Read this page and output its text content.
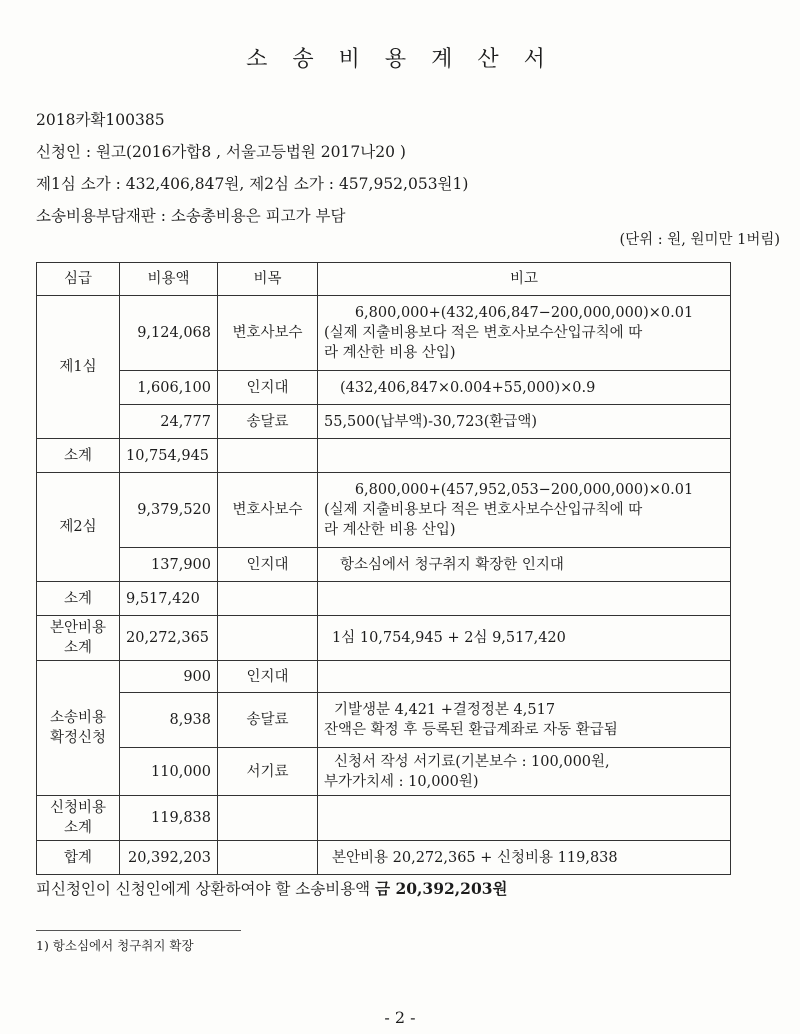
소 송 비 용 계 산 서
2018카확100385
신청인 : 원고(2016가합8 , 서울고등법원 2017나20 )
제1심 소가 : 432,406,847원, 제2심 소가 : 457,952,053원1)
소송비용부담재판 : 소송총비용은 피고가 부담
(단위 : 원, 원미만 1버림)
심급	비용액	비목	비고
제1심	9,124,068	변호사보수	6,800,000+(432,406,847−200,000,000)×0.01
(실제 지출비용보다 적은 변호사보수산입규칙에 따
라 계산한 비용 산입)

	1,606,100	인지대	(432,406,847×0.004+55,000)×0.9
	24,777	송달료	55,500(납부액)-30,723(환급액)
소계	10,754,945		
제2심	9,379,520	변호사보수	6,800,000+(457,952,053−200,000,000)×0.01
(실제 지출비용보다 적은 변호사보수산입규칙에 따
라 계산한 비용 산입)

	137,900	인지대	항소심에서 청구취지 확장한 인지대
소계	9,517,420		

본안비용
소계	20,272,365		1심 10,754,945 + 2심 9,517,420

소송비용
확정신청	900	인지대	
	8,938	송달료	기발생분 4,421 +결정정본 4,517
잔액은 확정 후 등록된 환급계좌로 자동 환급됨

	110,000	서기료	신청서 작성 서기료(기본보수 : 100,000원,
부가가치세 : 10,000원)

신청비용
소계	119,838		
합계	20,392,203		본안비용 20,272,365 + 신청비용 119,838
피신청인이 신청인에게 상환하여야 할 소송비용액 금 20,392,203원
1) 항소심에서 청구취지 확장
- 2 -
